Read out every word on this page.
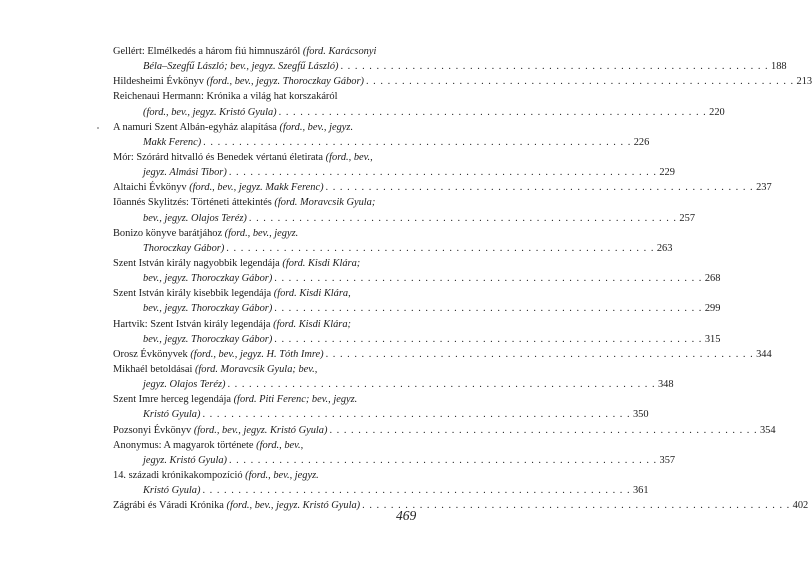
Gellért: Elmélkedés a három fiú himnuszáról (ford. Karácsonyi
Béla–Szegfű László; bev., jegyz. Szegfű László) . . .	188
Hildesheimi Évkönyv (ford., bev., jegyz. Thoroczkay Gábor) . . .	213
Reichenaui Hermann: Krónika a világ hat korszakáról
(ford., bev., jegyz. Kristó Gyula) . . .	220
A namuri Szent Albán-egyház alapítása (ford., bev., jegyz.
Makk Ferenc) . . .	226
Mór: Szórárd hitvalló és Benedek vértanú életirata (ford., bev.,
jegyz. Almási Tibor) . . .	229
Altaichi Évkönyv (ford., bev., jegyz. Makk Ferenc) . . .	237
Iōannés Skylitzés: Történeti áttekintés (ford. Moravcsik Gyula;
bev., jegyz. Olajos Teréz) . . .	257
Bonizo könyve barátjához (ford., bev., jegyz.
Thoroczkay Gábor) . . .	263
Szent István király nagyobbik legendája (ford. Kisdi Klára;
bev., jegyz. Thoroczkay Gábor) . . .	268
Szent István király kisebbik legendája (ford. Kisdi Klára,
bev., jegyz. Thoroczkay Gábor) . . .	299
Hartvik: Szent István király legendája (ford. Kisdi Klára;
bev., jegyz. Thoroczkay Gábor) . . .	315
Orosz Évkönyvek (ford., bev., jegyz. H. Tóth Imre) . . .	344
Mikhaél betoldásai (ford. Moravcsik Gyula; bev.,
jegyz. Olajos Teréz) . . .	348
Szent Imre herceg legendája (ford. Piti Ferenc; bev., jegyz.
Kristó Gyula) . . .	350
Pozsonyi Évkönyv (ford., bev., jegyz. Kristó Gyula) . . .	354
Anonymus: A magyarok története (ford., bev.,
jegyz. Kristó Gyula) . . .	357
14. századi krónikakompozíció (ford., bev., jegyz.
Kristó Gyula) . . .	361
Zágrábi és Váradi Krónika (ford., bev., jegyz. Kristó Gyula) . . .	402
469
